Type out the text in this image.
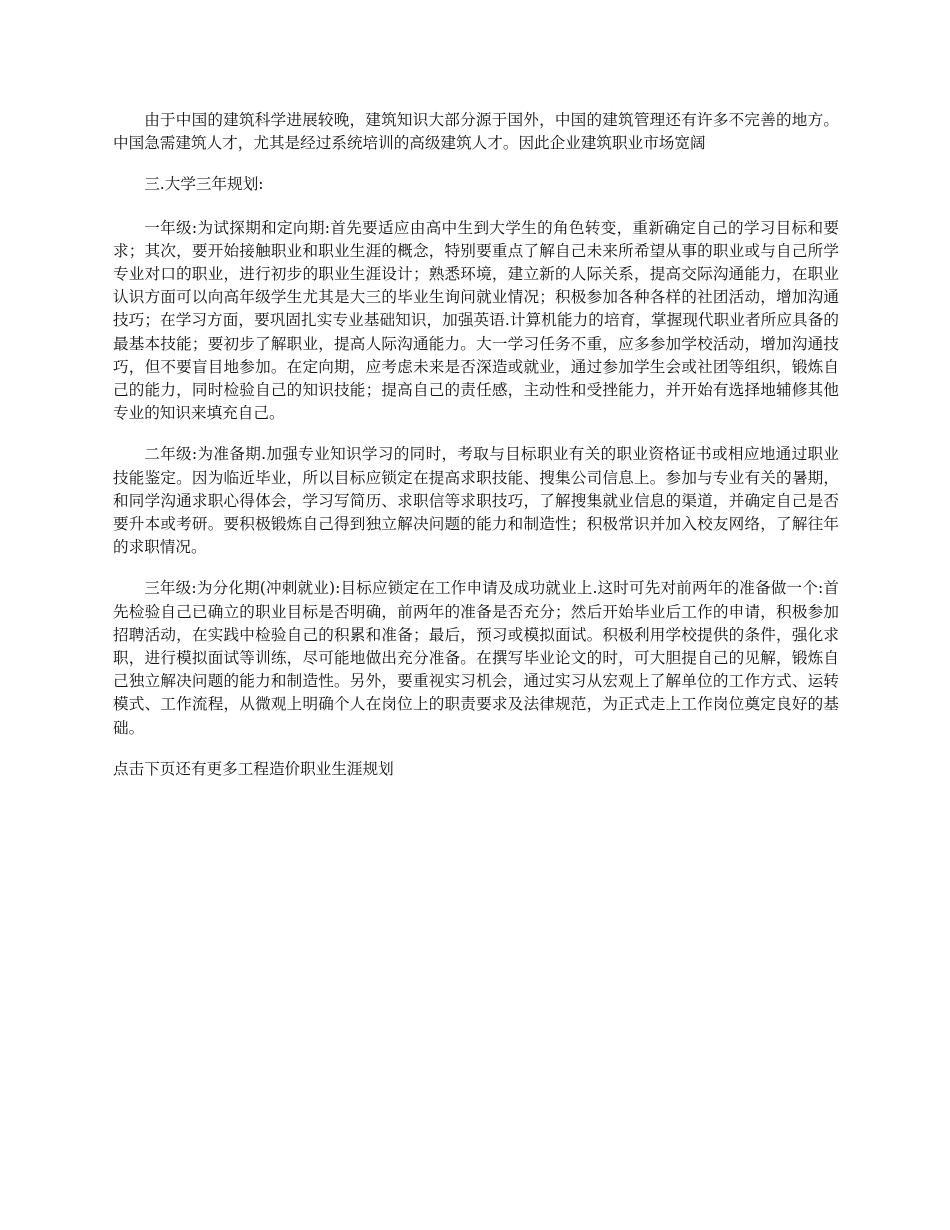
由于中国的建筑科学进展较晚，建筑知识大部分源于国外，中国的建筑管理还有许多不完善的地方。中国急需建筑人才，尤其是经过系统培训的高级建筑人才。因此企业建筑职业市场宽阔

三.大学三年规划:

一年级:为试探期和定向期:首先要适应由高中生到大学生的角色转变，重新确定自己的学习目标和要求；其次，要开始接触职业和职业生涯的概念，特别要重点了解自己未来所希望从事的职业或与自己所学专业对口的职业，进行初步的职业生涯设计；熟悉环境，建立新的人际关系，提高交际沟通能力，在职业认识方面可以向高年级学生尤其是大三的毕业生询问就业情况；积极参加各种各样的社团活动，增加沟通技巧；在学习方面，要巩固扎实专业基础知识，加强英语.计算机能力的培育，掌握现代职业者所应具备的最基本技能；要初步了解职业，提高人际沟通能力。大一学习任务不重，应多参加学校活动，增加沟通技巧，但不要盲目地参加。在定向期，应考虑未来是否深造或就业，通过参加学生会或社团等组织，锻炼自己的能力，同时检验自己的知识技能；提高自己的责任感，主动性和受挫能力，并开始有选择地辅修其他专业的知识来填充自己。

二年级:为准备期.加强专业知识学习的同时，考取与目标职业有关的职业资格证书或相应地通过职业技能鉴定。因为临近毕业，所以目标应锁定在提高求职技能、搜集公司信息上。参加与专业有关的暑期，和同学沟通求职心得体会，学习写简历、求职信等求职技巧，了解搜集就业信息的渠道，并确定自己是否要升本或考研。要积极锻炼自己得到独立解决问题的能力和制造性；积极常识并加入校友网络，了解往年的求职情况。

三年级:为分化期(冲刺就业):目标应锁定在工作申请及成功就业上.这时可先对前两年的准备做一个:首先检验自己已确立的职业目标是否明确，前两年的准备是否充分；然后开始毕业后工作的申请，积极参加招聘活动，在实践中检验自己的积累和准备；最后，预习或模拟面试。积极利用学校提供的条件，强化求职，进行模拟面试等训练，尽可能地做出充分准备。在撰写毕业论文的时，可大胆提自己的见解，锻炼自己独立解决问题的能力和制造性。另外，要重视实习机会，通过实习从宏观上了解单位的工作方式、运转模式、工作流程，从微观上明确个人在岗位上的职责要求及法律规范，为正式走上工作岗位奠定良好的基础。

点击下页还有更多工程造价职业生涯规划
